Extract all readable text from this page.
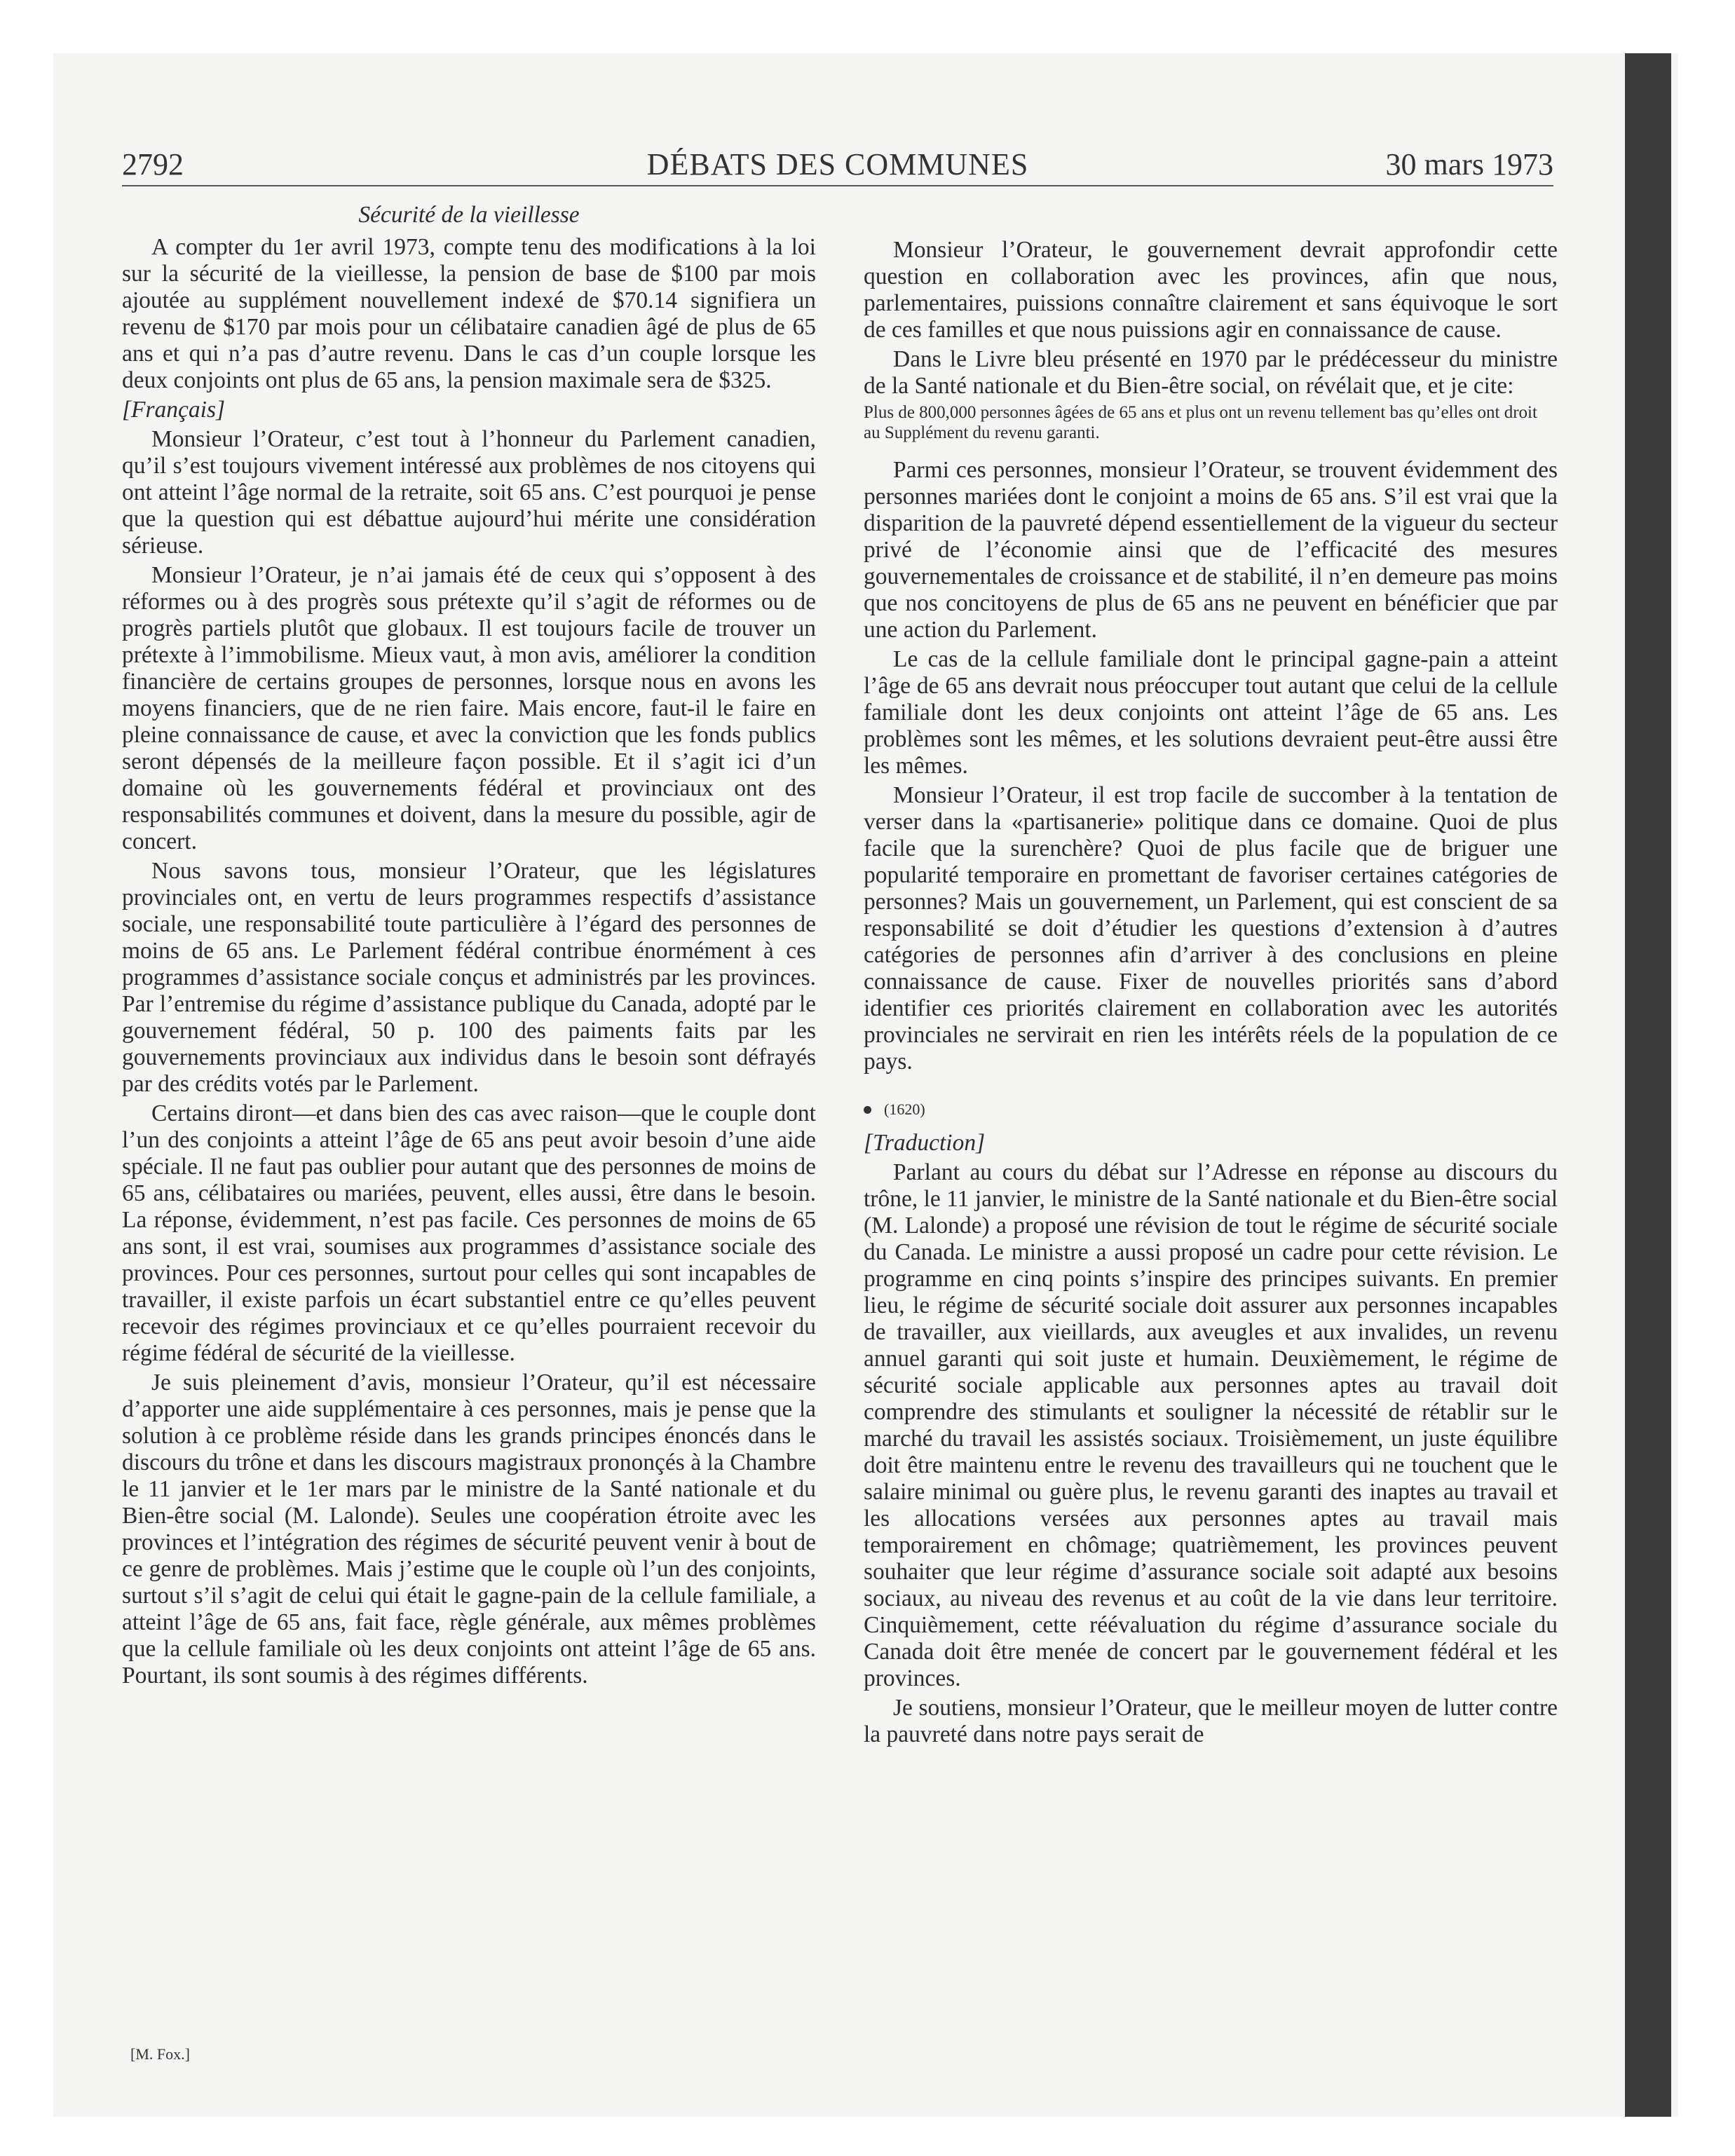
2792	DÉBATS DES COMMUNES	30 mars 1973

Sécurité de la vieillesse

A compter du 1er avril 1973, compte tenu des modifications à la loi sur la sécurité de la vieillesse, la pension de base de $100 par mois ajoutée au supplément nouvellement indexé de $70.14 signifiera un revenu de $170 par mois pour un célibataire canadien âgé de plus de 65 ans et qui n’a pas d’autre revenu. Dans le cas d’un couple lorsque les deux conjoints ont plus de 65 ans, la pension maximale sera de $325.

[Français]

Monsieur l’Orateur, c’est tout à l’honneur du Parlement canadien, qu’il s’est toujours vivement intéressé aux problèmes de nos citoyens qui ont atteint l’âge normal de la retraite, soit 65 ans. C’est pourquoi je pense que la question qui est débattue aujourd’hui mérite une considération sérieuse.

Monsieur l’Orateur, je n’ai jamais été de ceux qui s’opposent à des réformes ou à des progrès sous prétexte qu’il s’agit de réformes ou de progrès partiels plutôt que globaux. Il est toujours facile de trouver un prétexte à l’immobilisme. Mieux vaut, à mon avis, améliorer la condition financière de certains groupes de personnes, lorsque nous en avons les moyens financiers, que de ne rien faire. Mais encore, faut-il le faire en pleine connaissance de cause, et avec la conviction que les fonds publics seront dépensés de la meilleure façon possible. Et il s’agit ici d’un domaine où les gouvernements fédéral et provinciaux ont des responsabilités communes et doivent, dans la mesure du possible, agir de concert.

Nous savons tous, monsieur l’Orateur, que les législatures provinciales ont, en vertu de leurs programmes respectifs d’assistance sociale, une responsabilité toute particulière à l’égard des personnes de moins de 65 ans. Le Parlement fédéral contribue énormément à ces programmes d’assistance sociale conçus et administrés par les provinces. Par l’entremise du régime d’assistance publique du Canada, adopté par le gouvernement fédéral, 50 p. 100 des paiments faits par les gouvernements provinciaux aux individus dans le besoin sont défrayés par des crédits votés par le Parlement.

Certains diront—et dans bien des cas avec raison—que le couple dont l’un des conjoints a atteint l’âge de 65 ans peut avoir besoin d’une aide spéciale. Il ne faut pas oublier pour autant que des personnes de moins de 65 ans, célibataires ou mariées, peuvent, elles aussi, être dans le besoin. La réponse, évidemment, n’est pas facile. Ces personnes de moins de 65 ans sont, il est vrai, soumises aux programmes d’assistance sociale des provinces. Pour ces personnes, surtout pour celles qui sont incapables de travailler, il existe parfois un écart substantiel entre ce qu’elles peuvent recevoir des régimes provinciaux et ce qu’elles pourraient recevoir du régime fédéral de sécurité de la vieillesse.

Je suis pleinement d’avis, monsieur l’Orateur, qu’il est nécessaire d’apporter une aide supplémentaire à ces personnes, mais je pense que la solution à ce problème réside dans les grands principes énoncés dans le discours du trône et dans les discours magistraux prononçés à la Chambre le 11 janvier et le 1er mars par le ministre de la Santé nationale et du Bien-être social (M. Lalonde). Seules une coopération étroite avec les provinces et l’intégration des régimes de sécurité peuvent venir à bout de ce genre de problèmes. Mais j’estime que le couple où l’un des conjoints, surtout s’il s’agit de celui qui était le gagne-pain de la cellule familiale, a atteint l’âge de 65 ans, fait face, règle générale, aux mêmes problèmes que la cellule familiale où les deux conjoints ont atteint l’âge de 65 ans. Pourtant, ils sont soumis à des régimes différents.

[M. Fox.]

Monsieur l’Orateur, le gouvernement devrait approfondir cette question en collaboration avec les provinces, afin que nous, parlementaires, puissions connaître clairement et sans équivoque le sort de ces familles et que nous puissions agir en connaissance de cause.

Dans le Livre bleu présenté en 1970 par le prédécesseur du ministre de la Santé nationale et du Bien-être social, on révélait que, et je cite:

Plus de 800,000 personnes âgées de 65 ans et plus ont un revenu tellement bas qu’elles ont droit au Supplément du revenu garanti.

Parmi ces personnes, monsieur l’Orateur, se trouvent évidemment des personnes mariées dont le conjoint a moins de 65 ans. S’il est vrai que la disparition de la pauvreté dépend essentiellement de la vigueur du secteur privé de l’économie ainsi que de l’efficacité des mesures gouvernementales de croissance et de stabilité, il n’en demeure pas moins que nos concitoyens de plus de 65 ans ne peuvent en bénéficier que par une action du Parlement.

Le cas de la cellule familiale dont le principal gagne-pain a atteint l’âge de 65 ans devrait nous préoccuper tout autant que celui de la cellule familiale dont les deux conjoints ont atteint l’âge de 65 ans. Les problèmes sont les mêmes, et les solutions devraient peut-être aussi être les mêmes.

Monsieur l’Orateur, il est trop facile de succomber à la tentation de verser dans la «partisanerie» politique dans ce domaine. Quoi de plus facile que la surenchère? Quoi de plus facile que de briguer une popularité temporaire en promettant de favoriser certaines catégories de personnes? Mais un gouvernement, un Parlement, qui est conscient de sa responsabilité se doit d’étudier les questions d’extension à d’autres catégories de personnes afin d’arriver à des conclusions en pleine connaissance de cause. Fixer de nouvelles priorités sans d’abord identifier ces priorités clairement en collaboration avec les autorités provinciales ne servirait en rien les intérêts réels de la population de ce pays.

(1620)

[Traduction]

Parlant au cours du débat sur l’Adresse en réponse au discours du trône, le 11 janvier, le ministre de la Santé nationale et du Bien-être social (M. Lalonde) a proposé une révision de tout le régime de sécurité sociale du Canada. Le ministre a aussi proposé un cadre pour cette révision. Le programme en cinq points s’inspire des principes suivants. En premier lieu, le régime de sécurité sociale doit assurer aux personnes incapables de travailler, aux vieillards, aux aveugles et aux invalides, un revenu annuel garanti qui soit juste et humain. Deuxièmement, le régime de sécurité sociale applicable aux personnes aptes au travail doit comprendre des stimulants et souligner la nécessité de rétablir sur le marché du travail les assistés sociaux. Troisièmement, un juste équilibre doit être maintenu entre le revenu des travailleurs qui ne touchent que le salaire minimal ou guère plus, le revenu garanti des inaptes au travail et les allocations versées aux personnes aptes au travail mais temporairement en chômage; quatrièmement, les provinces peuvent souhaiter que leur régime d’assurance sociale soit adapté aux besoins sociaux, au niveau des revenus et au coût de la vie dans leur territoire. Cinquièmement, cette réévaluation du régime d’assurance sociale du Canada doit être menée de concert par le gouvernement fédéral et les provinces.

Je soutiens, monsieur l’Orateur, que le meilleur moyen de lutter contre la pauvreté dans notre pays serait de
